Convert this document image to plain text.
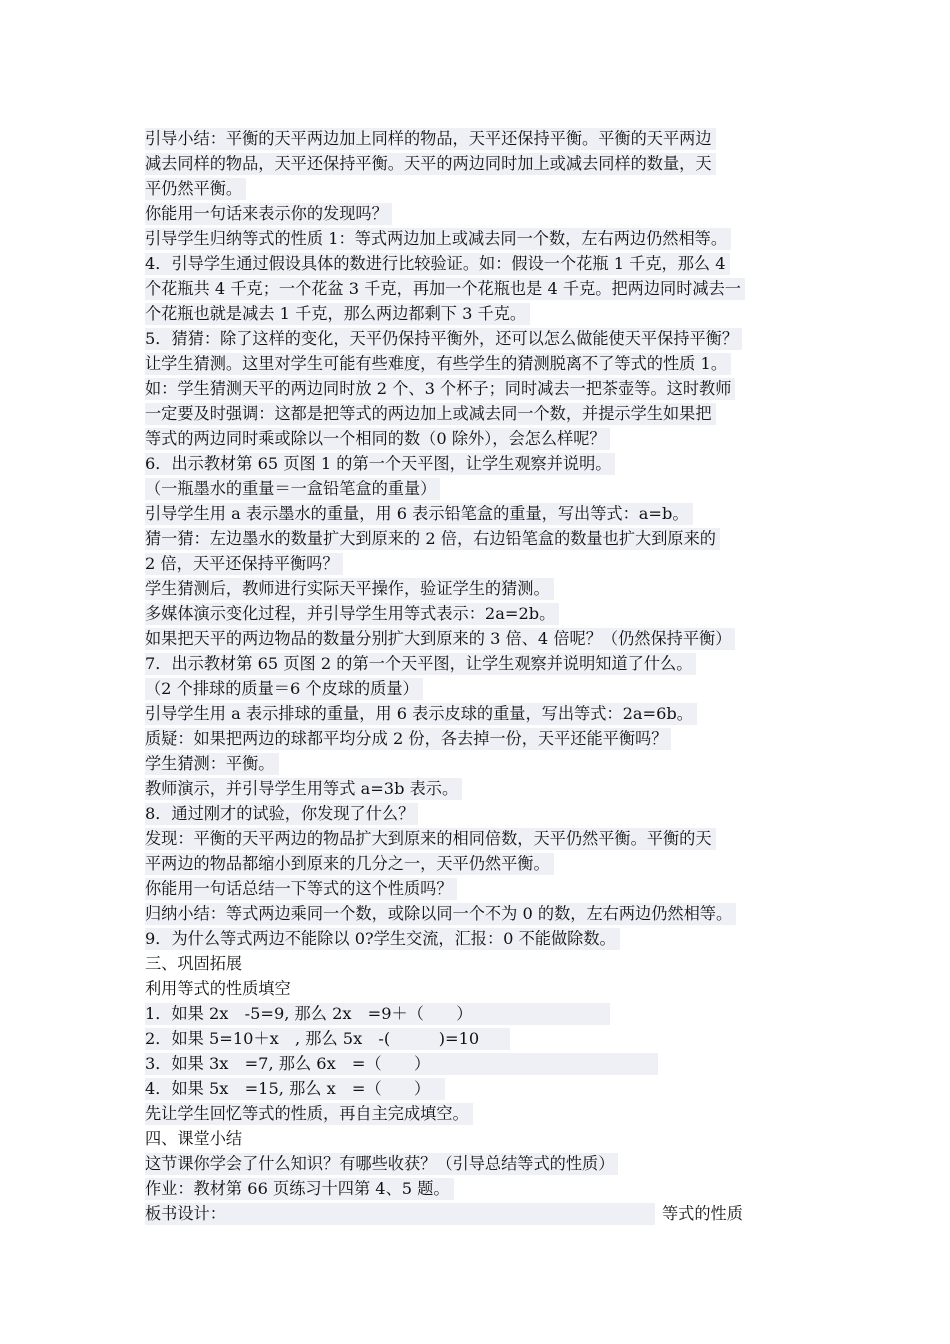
引导小结：平衡的天平两边加上同样的物品，天平还保持平衡。平衡的天平两边
减去同样的物品，天平还保持平衡。天平的两边同时加上或减去同样的数量，天
平仍然平衡。
你能用一句话来表示你的发现吗？
引导学生归纳等式的性质 1：等式两边加上或减去同一个数，左右两边仍然相等。
4．引导学生通过假设具体的数进行比较验证。如：假设一个花瓶 1 千克，那么 4
个花瓶共 4 千克；一个花盆 3 千克，再加一个花瓶也是 4 千克。把两边同时减去一
个花瓶也就是减去 1 千克，那么两边都剩下 3 千克。
5．猜猜：除了这样的变化，天平仍保持平衡外，还可以怎么做能使天平保持平衡？
让学生猜测。这里对学生可能有些难度，有些学生的猜测脱离不了等式的性质 1。
如：学生猜测天平的两边同时放 2 个、3 个杯子；同时减去一把茶壶等。这时教师
一定要及时强调：这都是把等式的两边加上或减去同一个数，并提示学生如果把
等式的两边同时乘或除以一个相同的数（0 除外），会怎么样呢？
6．出示教材第 65 页图 1 的第一个天平图，让学生观察并说明。
（一瓶墨水的重量＝一盒铅笔盒的重量）
引导学生用 a 表示墨水的重量，用 6 表示铅笔盒的重量，写出等式：a=b。
猜一猜：左边墨水的数量扩大到原来的 2 倍，右边铅笔盒的数量也扩大到原来的
2 倍，天平还保持平衡吗？
学生猜测后，教师进行实际天平操作，验证学生的猜测。
多媒体演示变化过程，并引导学生用等式表示：2a=2b。
如果把天平的两边物品的数量分别扩大到原来的 3 倍、4 倍呢？（仍然保持平衡）
7．出示教材第 65 页图 2 的第一个天平图，让学生观察并说明知道了什么。
（2 个排球的质量＝6 个皮球的质量）
引导学生用 a 表示排球的重量，用 6 表示皮球的重量，写出等式：2a=6b。
质疑：如果把两边的球都平均分成 2 份，各去掉一份，天平还能平衡吗？
学生猜测：平衡。
教师演示，并引导学生用等式 a=3b 表示。
8．通过刚才的试验，你发现了什么？
发现：平衡的天平两边的物品扩大到原来的相同倍数，天平仍然平衡。平衡的天
平两边的物品都缩小到原来的几分之一，天平仍然平衡。
你能用一句话总结一下等式的这个性质吗？
归纳小结：等式两边乘同一个数，或除以同一个不为 0 的数，左右两边仍然相等。
9．为什么等式两边不能除以 0?学生交流，汇报：0 不能做除数。
三、巩固拓展
利用等式的性质填空
1．如果 2x　-5=9, 那么 2x　=9＋（　　）
2．如果 5=10＋x　, 那么 5x　-(　　　)=10
3．如果 3x　=7, 那么 6x　=（　　）
4．如果 5x　=15, 那么 x　=（　　）
先让学生回忆等式的性质，再自主完成填空。
四、课堂小结
这节课你学会了什么知识？有哪些收获？（引导总结等式的性质）
作业：教材第 66 页练习十四第 4、5 题。
板书设计：	等式的性质
